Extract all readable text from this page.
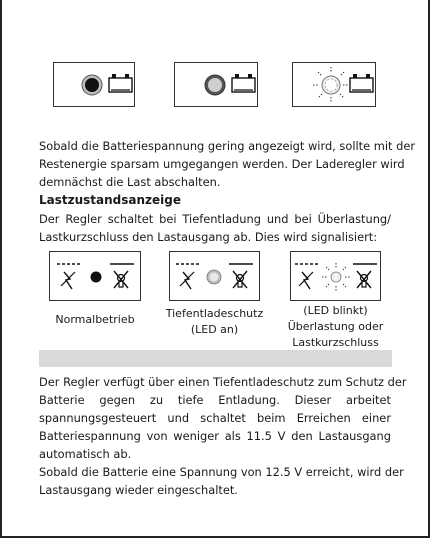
Sobald die Batteriespannung gering angezeigt wird, sollte mit der
Restenergie sparsam umgegangen werden. Der Laderegler wird
demnächst die Last abschalten.
Lastzustandsanzeige
Der Regler schaltet bei Tiefentladung und bei Überlastung/
Lastkurzschluss den Lastausgang ab. Dies wird signalisiert:
Normalbetrieb	Tiefentladeschutz
(LED an)
(LED blinkt)
Überlastung oder
Lastkurzschluss
Der Regler verfügt über einen Tiefentladeschutz zum Schutz der
Batterie gegen zu tiefe Entladung. Dieser arbeitet
spannungsgesteuert und schaltet beim Erreichen einer
Batteriespannung von weniger als 11.5 V den Lastausgang
automatisch ab.
Sobald die Batterie eine Spannung von 12.5 V erreicht, wird der
Lastausgang wieder eingeschaltet.
